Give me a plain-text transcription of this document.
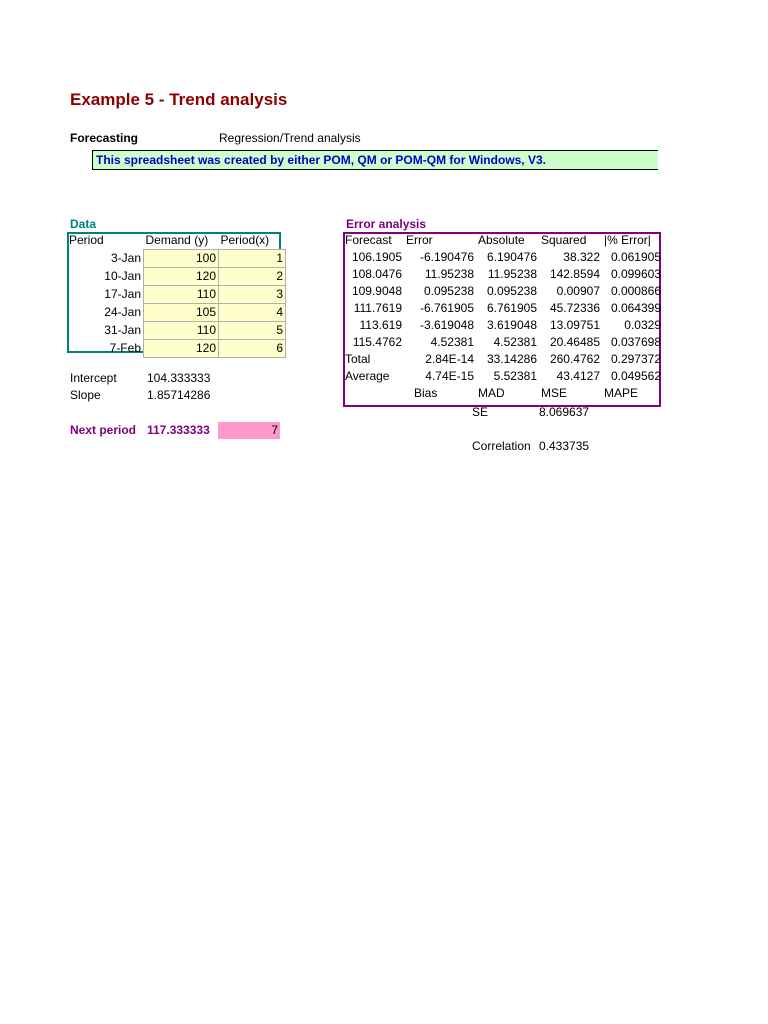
Example 5 - Trend analysis
Forecasting	Regression/Trend analysis
This spreadsheet was created by either POM, QM or POM-QM for Windows, V3.
Data	Error analysis
Period	Demand (y)	Period(x)
3-Jan	100	1
10-Jan	120	2
17-Jan	110	3
24-Jan	105	4
31-Jan	110	5
7-Feb	120	6
Intercept	104.333333
Slope	1.85714286
Next period 117.333333	7
Forecast	Error	Absolute	Squared	|% Error|
106.1905	-6.190476	6.190476	38.322	0.061905
108.0476	11.95238	11.95238	142.8594	0.099603
109.9048	0.095238	0.095238	0.00907	0.000866
111.7619	-6.761905	6.761905	45.72336	0.064399
113.619	-3.619048	3.619048	13.09751	0.0329
115.4762	4.52381	4.52381	20.46485	0.037698
Total	2.84E-14	33.14286	260.4762	0.297372
Average	4.74E-15	5.52381	43.4127	0.049562
	Bias	MAD	MSE	MAPE
SE	8.069637
Correlation 0.433735
